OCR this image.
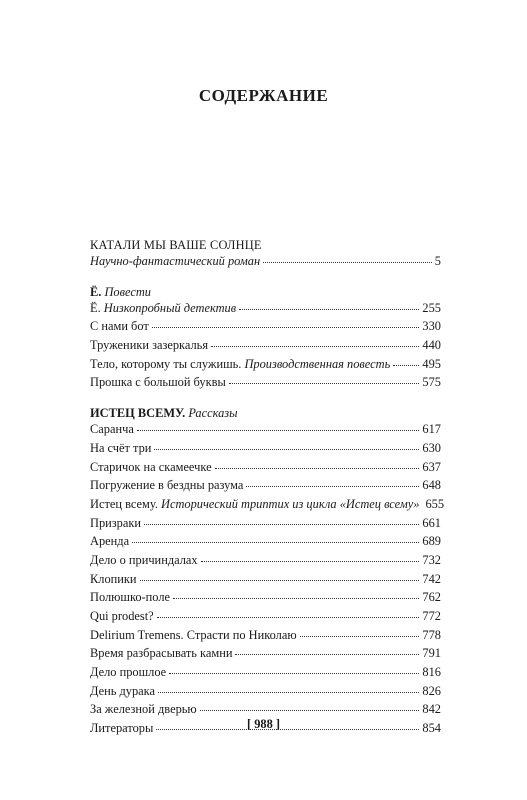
СОДЕРЖАНИЕ
КАТАЛИ МЫ ВАШЕ СОЛНЦЕ
Научно-фантастический роман	5
Ё. Повести
Ё. Низкопробный детектив	255
С нами бот	330
Труженики зазеркалья	440
Тело, которому ты служишь. Производственная повесть	495
Прошка с большой буквы	575
ИСТЕЦ ВСЕМУ. Рассказы
Саранча	617
На счёт три	630
Старичок на скамеечке	637
Погружение в бездны разума	648
Истец всему. Исторический триптих из цикла «Истец всему» 655
Призраки	661
Аренда	689
Дело о причиндалах	732
Клопики	742
Полюшко-поле	762
Qui prodest?	772
Delirium Tremens. Страсти по Николаю	778
Время разбрасывать камни	791
Дело прошлое	816
День дурака	826
За железной дверью	842
Литераторы	854
[ 988 ]
